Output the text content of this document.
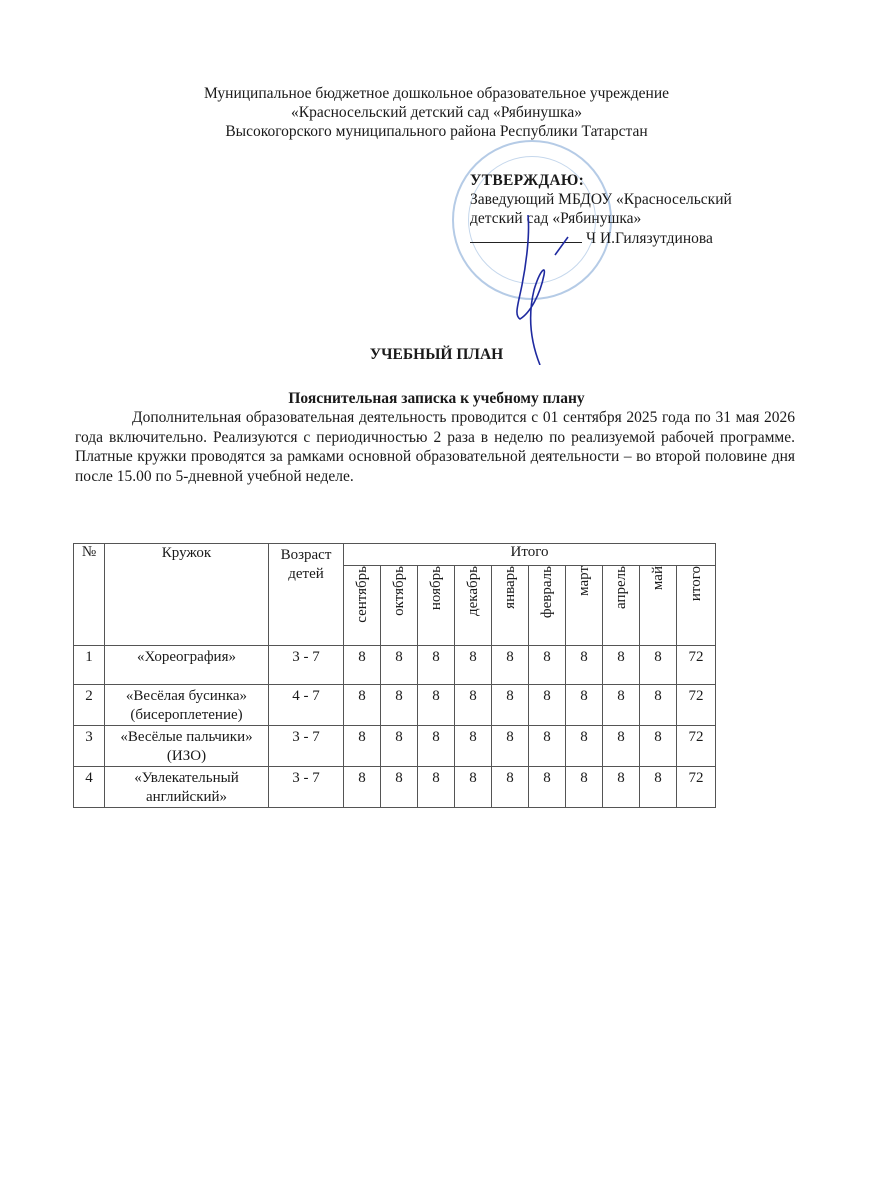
Муниципальное бюджетное дошкольное образовательное учреждение
«Красносельский детский сад «Рябинушка»
Высокогорского муниципального района Республики Татарстан
УТВЕРЖДАЮ:
Заведующий МБДОУ «Красносельский
детский сад «Рябинушка»
Ч И.Гилязутдинова
УЧЕБНЫЙ ПЛАН
Пояснительная записка к учебному плану
Дополнительная образовательная деятельность проводится с 01 сентября 2025 года по 31 мая 2026 года включительно. Реализуются с периодичностью 2 раза в неделю по реализуемой рабочей программе. Платные кружки проводятся за рамками основной образовательной деятельности – во второй половине дня после 15.00 по 5-дневной учебной неделе.
№	Кружок	Возраст детей	Итого									
			сентябрь	октябрь	ноябрь	декабрь	январь	февраль	март	апрель	май	итого
1	«Хореография»	3 - 7	8	8	8	8	8	8	8	8	8	72
2	«Весёлая бусинка» (бисероплетение)	4 - 7	8	8	8	8	8	8	8	8	8	72
3	«Весёлые пальчики» (ИЗО)	3 - 7	8	8	8	8	8	8	8	8	8	72
4	«Увлекательный английский»	3 - 7	8	8	8	8	8	8	8	8	8	72
